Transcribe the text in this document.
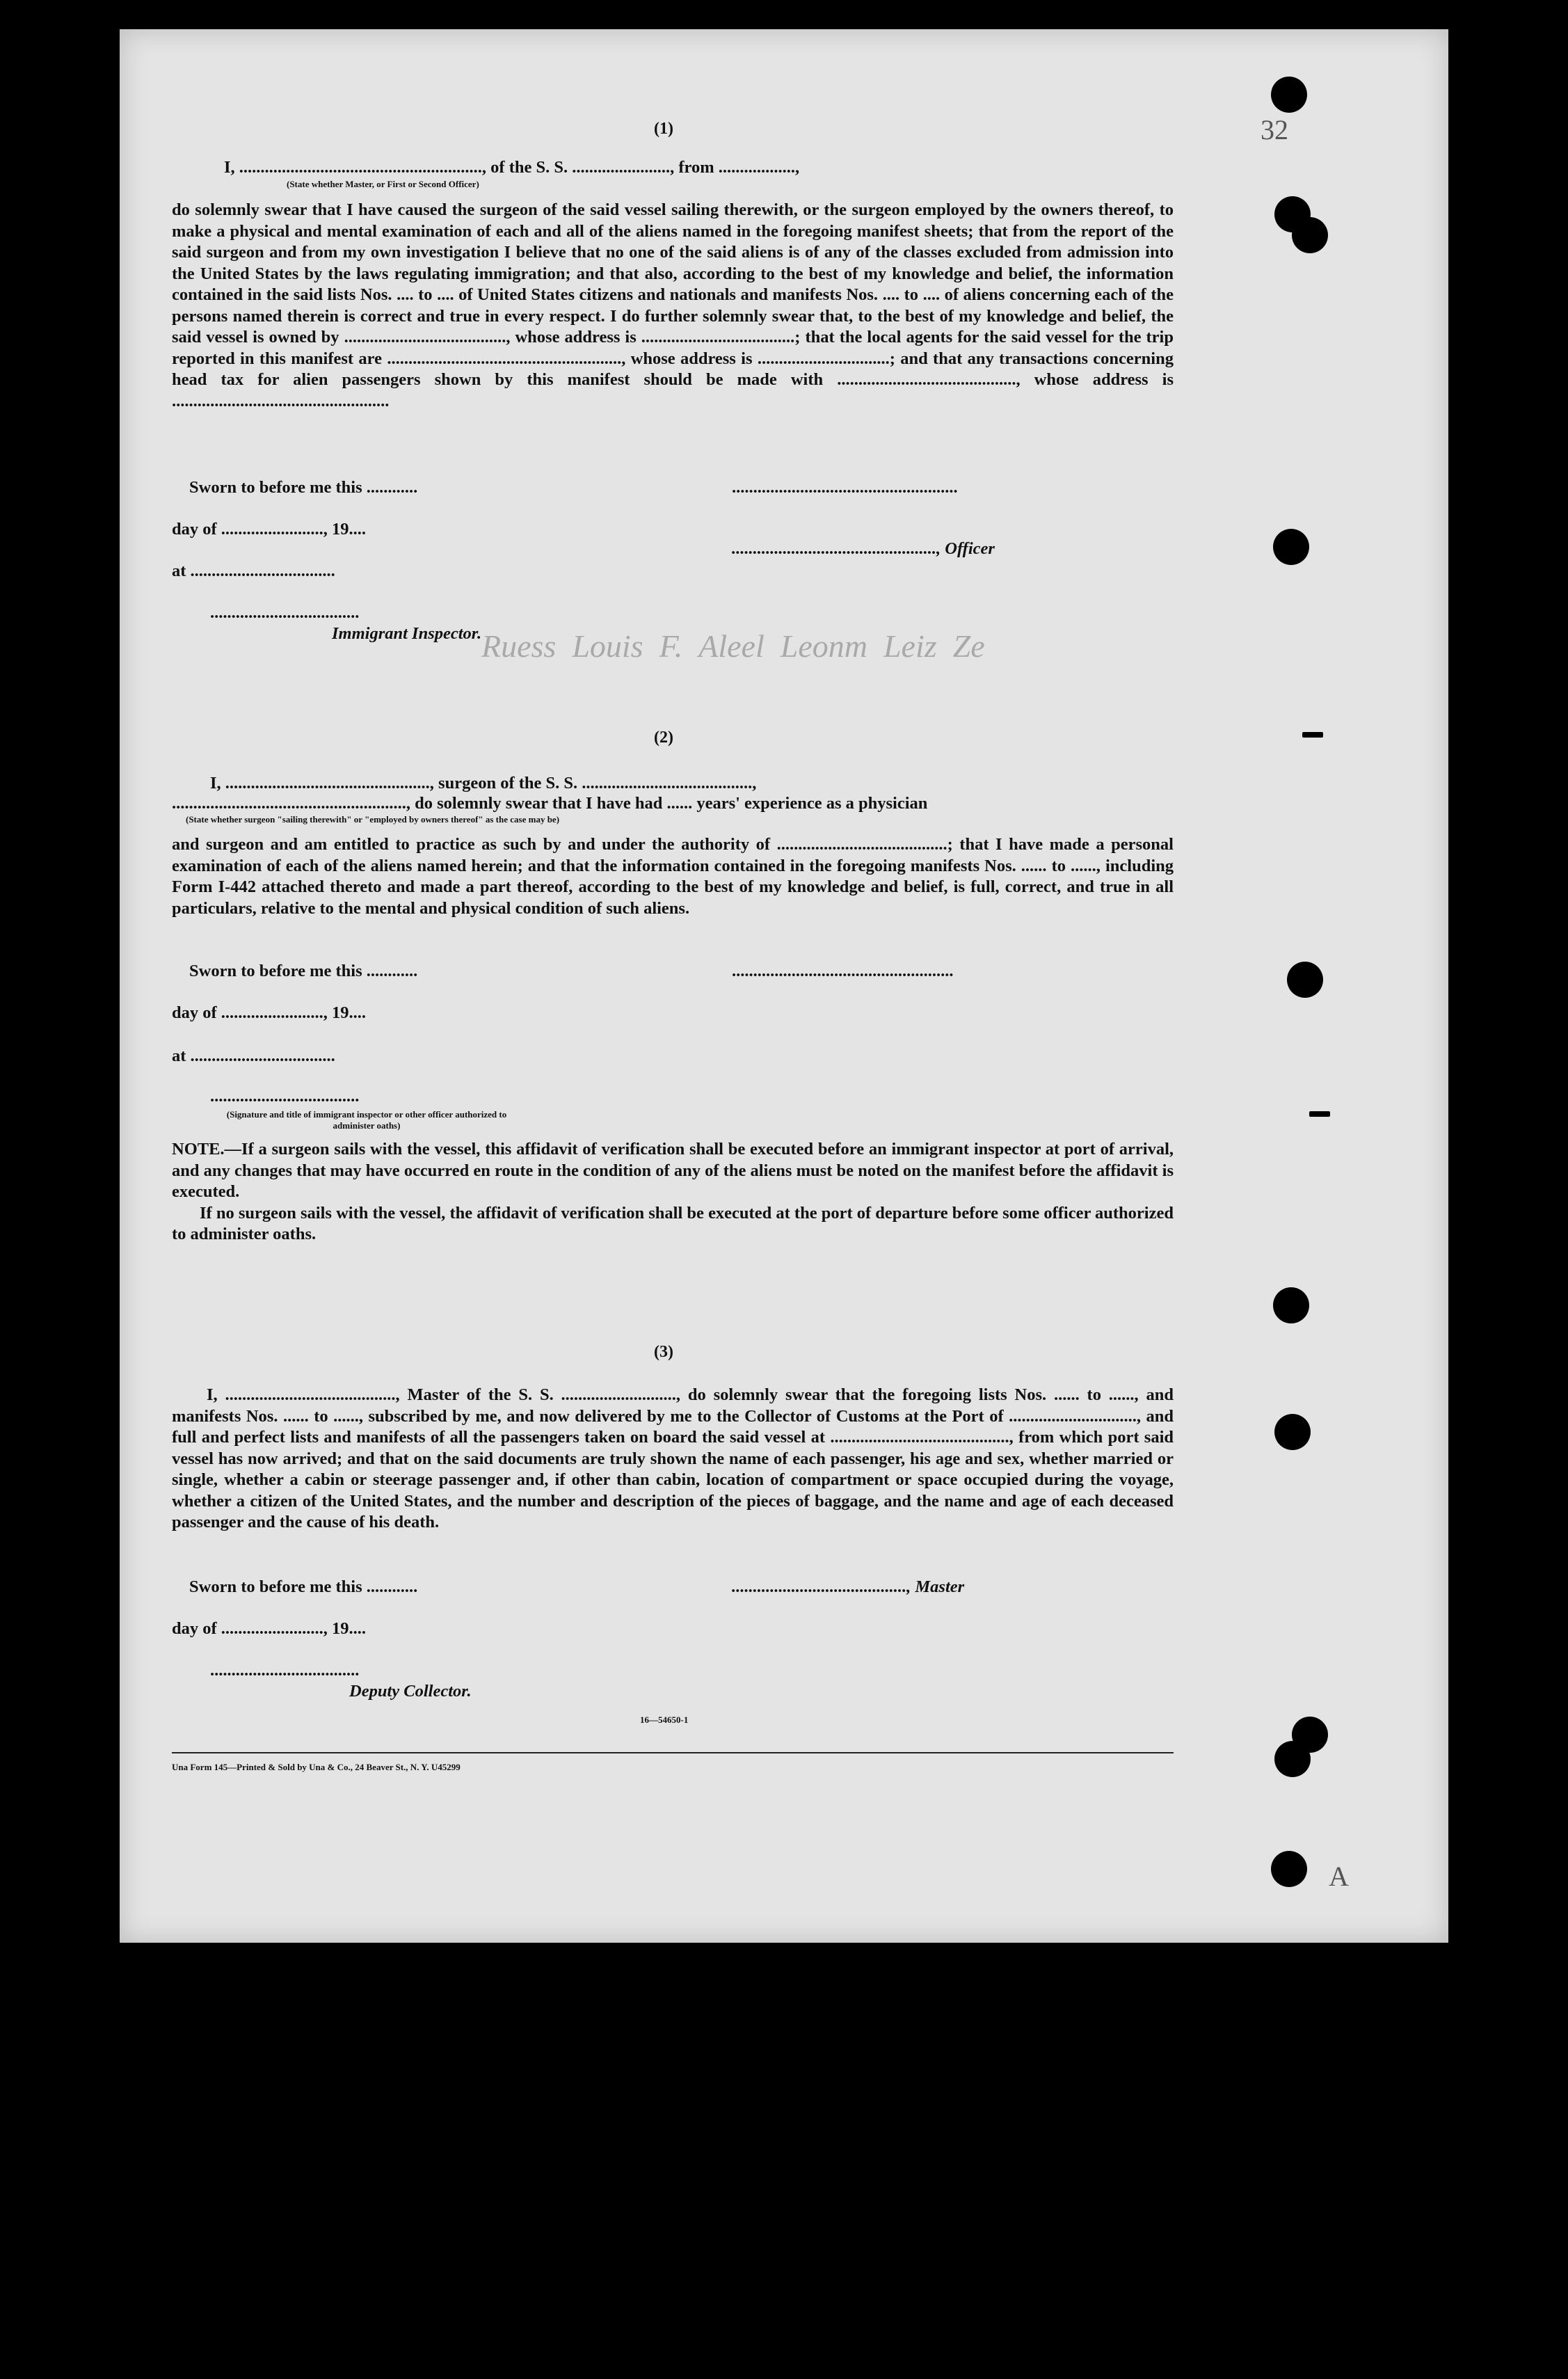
Ruess  Louis  F.  Aleel  Leonm  Leiz  Ze
(1)
I, ........................................................., of the S. S. ......................., from ..................,
(State whether Master, or First or Second Officer)

do solemnly swear that I have caused the surgeon of the said vessel sailing therewith, or the surgeon employed by the owners thereof, to make a physical and mental examination of each and all of the aliens named in the foregoing manifest sheets; that from the report of the said surgeon and from my own investigation I believe that no one of the said aliens is of any of the classes excluded from admission into the United States by the laws regulating immigration; and that also, according to the best of my knowledge and belief, the information contained in the said lists Nos. .... to .... of United States citizens and nationals and manifests Nos. .... to .... of aliens concerning each of the persons named therein is correct and true in every respect. I do further solemnly swear that, to the best of my knowledge and belief, the said vessel is owned by ......................................, whose address is ....................................; that the local agents for the said vessel for the trip reported in this manifest are ......................................................., whose address is ...............................; and that any transactions concerning head tax for alien passengers shown by this manifest should be made with .........................................., whose address is ...................................................

Sworn to before me this ............	.....................................................
day of ........................, 19....
at ..................................
................................................, Officer
...................................
Immigrant Inspector.
(2)
I, ................................................, surgeon of the S. S. ........................................,
......................................................., do solemnly swear that I have had ...... years' experience as a physician
(State whether surgeon "sailing therewith" or "employed by owners thereof" as the case may be)

and surgeon and am entitled to practice as such by and under the authority of ........................................; that I have made a personal examination of each of the aliens named herein; and that the information contained in the foregoing manifests Nos. ...... to ......, including Form I-442 attached thereto and made a part thereof, according to the best of my knowledge and belief, is full, correct, and true in all particulars, relative to the mental and physical condition of such aliens.

Sworn to before me this ............	....................................................
day of ........................, 19....
at ..................................
...................................
(Signature and title of immigrant inspector or other officer authorized to administer oaths)

NOTE.—If a surgeon sails with the vessel, this affidavit of verification shall be executed before an immigrant inspector at port of arrival, and any changes that may have occurred en route in the condition of any of the aliens must be noted on the manifest before the affidavit is executed.

If no surgeon sails with the vessel, the affidavit of verification shall be executed at the port of departure before some officer authorized to administer oaths.

(3)

I, ........................................, Master of the S. S. ..........................., do solemnly swear that the foregoing lists Nos. ...... to ......, and manifests Nos. ...... to ......, subscribed by me, and now delivered by me to the Collector of Customs at the Port of .............................., and full and perfect lists and manifests of all the passengers taken on board the said vessel at .........................................., from which port said vessel has now arrived; and that on the said documents are truly shown the name of each passenger, his age and sex, whether married or single, whether a cabin or steerage passenger and, if other than cabin, location of compartment or space occupied during the voyage, whether a citizen of the United States, and the number and description of the pieces of baggage, and the name and age of each deceased passenger and the cause of his death.

Sworn to before me this ............	........................................., Master
day of ........................, 19....
...................................
Deputy Collector.
16—54650-1
Una Form 145—Printed & Sold by Una & Co., 24 Beaver St., N. Y. U45299
32
A
